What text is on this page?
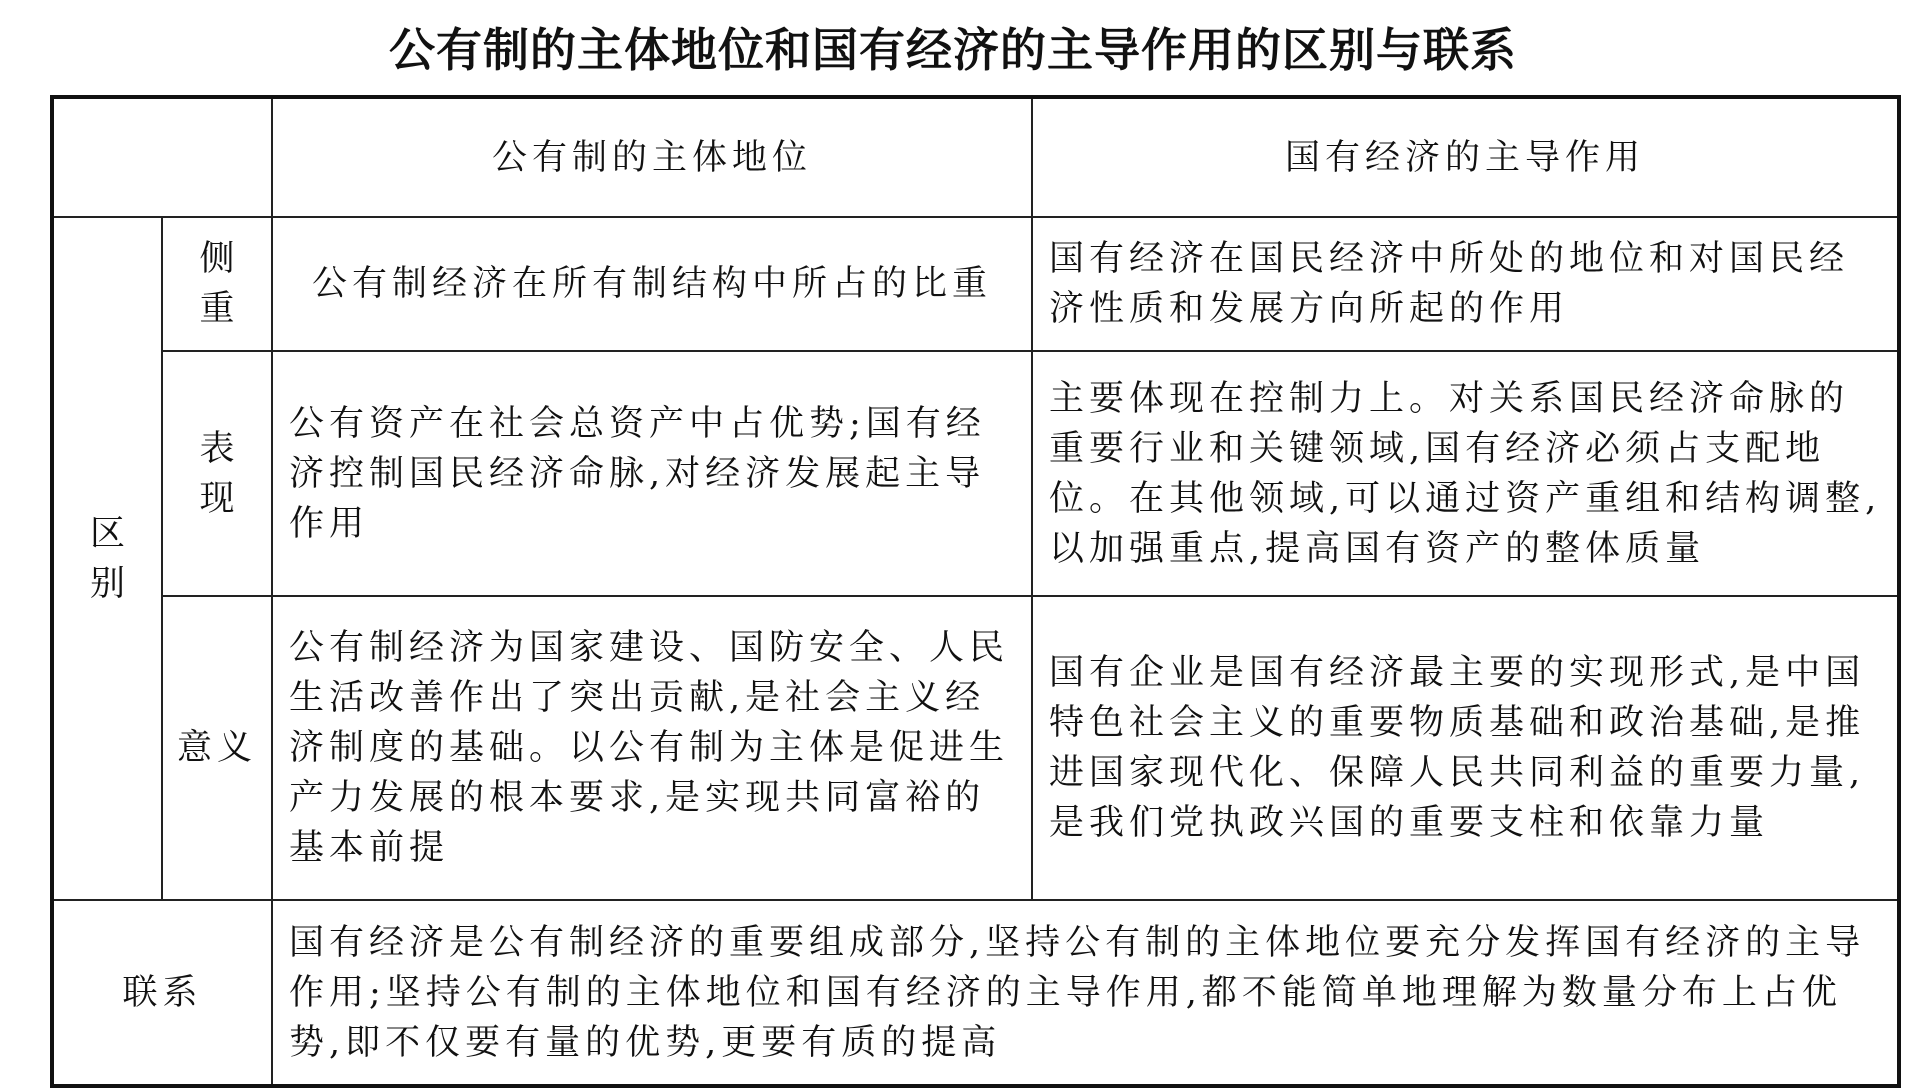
公有制的主体地位和国有经济的主导作用的区别与联系
		公有制的主体地位	国有经济的主导作用

区别	侧重	公有制经济在所有制结构中所占的比重	国有经济在国民经济中所处的地位和对国民经济性质和发展方向所起的作用

	表现	公有资产在社会总资产中占优势;国有经济控制国民经济命脉,对经济发展起主导作用	主要体现在控制力上。对关系国民经济命脉的重要行业和关键领域,国有经济必须占支配地位。在其他领域,可以通过资产重组和结构调整,以加强重点,提高国有资产的整体质量
	意义	公有制经济为国家建设、国防安全、人民生活改善作出了突出贡献,是社会主义经济制度的基础。以公有制为主体是促进生产力发展的根本要求,是实现共同富裕的基本前提	国有企业是国有经济最主要的实现形式,是中国特色社会主义的重要物质基础和政治基础,是推进国家现代化、保障人民共同利益的重要力量,是我们党执政兴国的重要支柱和依靠力量
联系		国有经济是公有制经济的重要组成部分,坚持公有制的主体地位要充分发挥国有经济的主导作用;坚持公有制的主体地位和国有经济的主导作用,都不能简单地理解为数量分布上占优势,即不仅要有量的优势,更要有质的提高	
